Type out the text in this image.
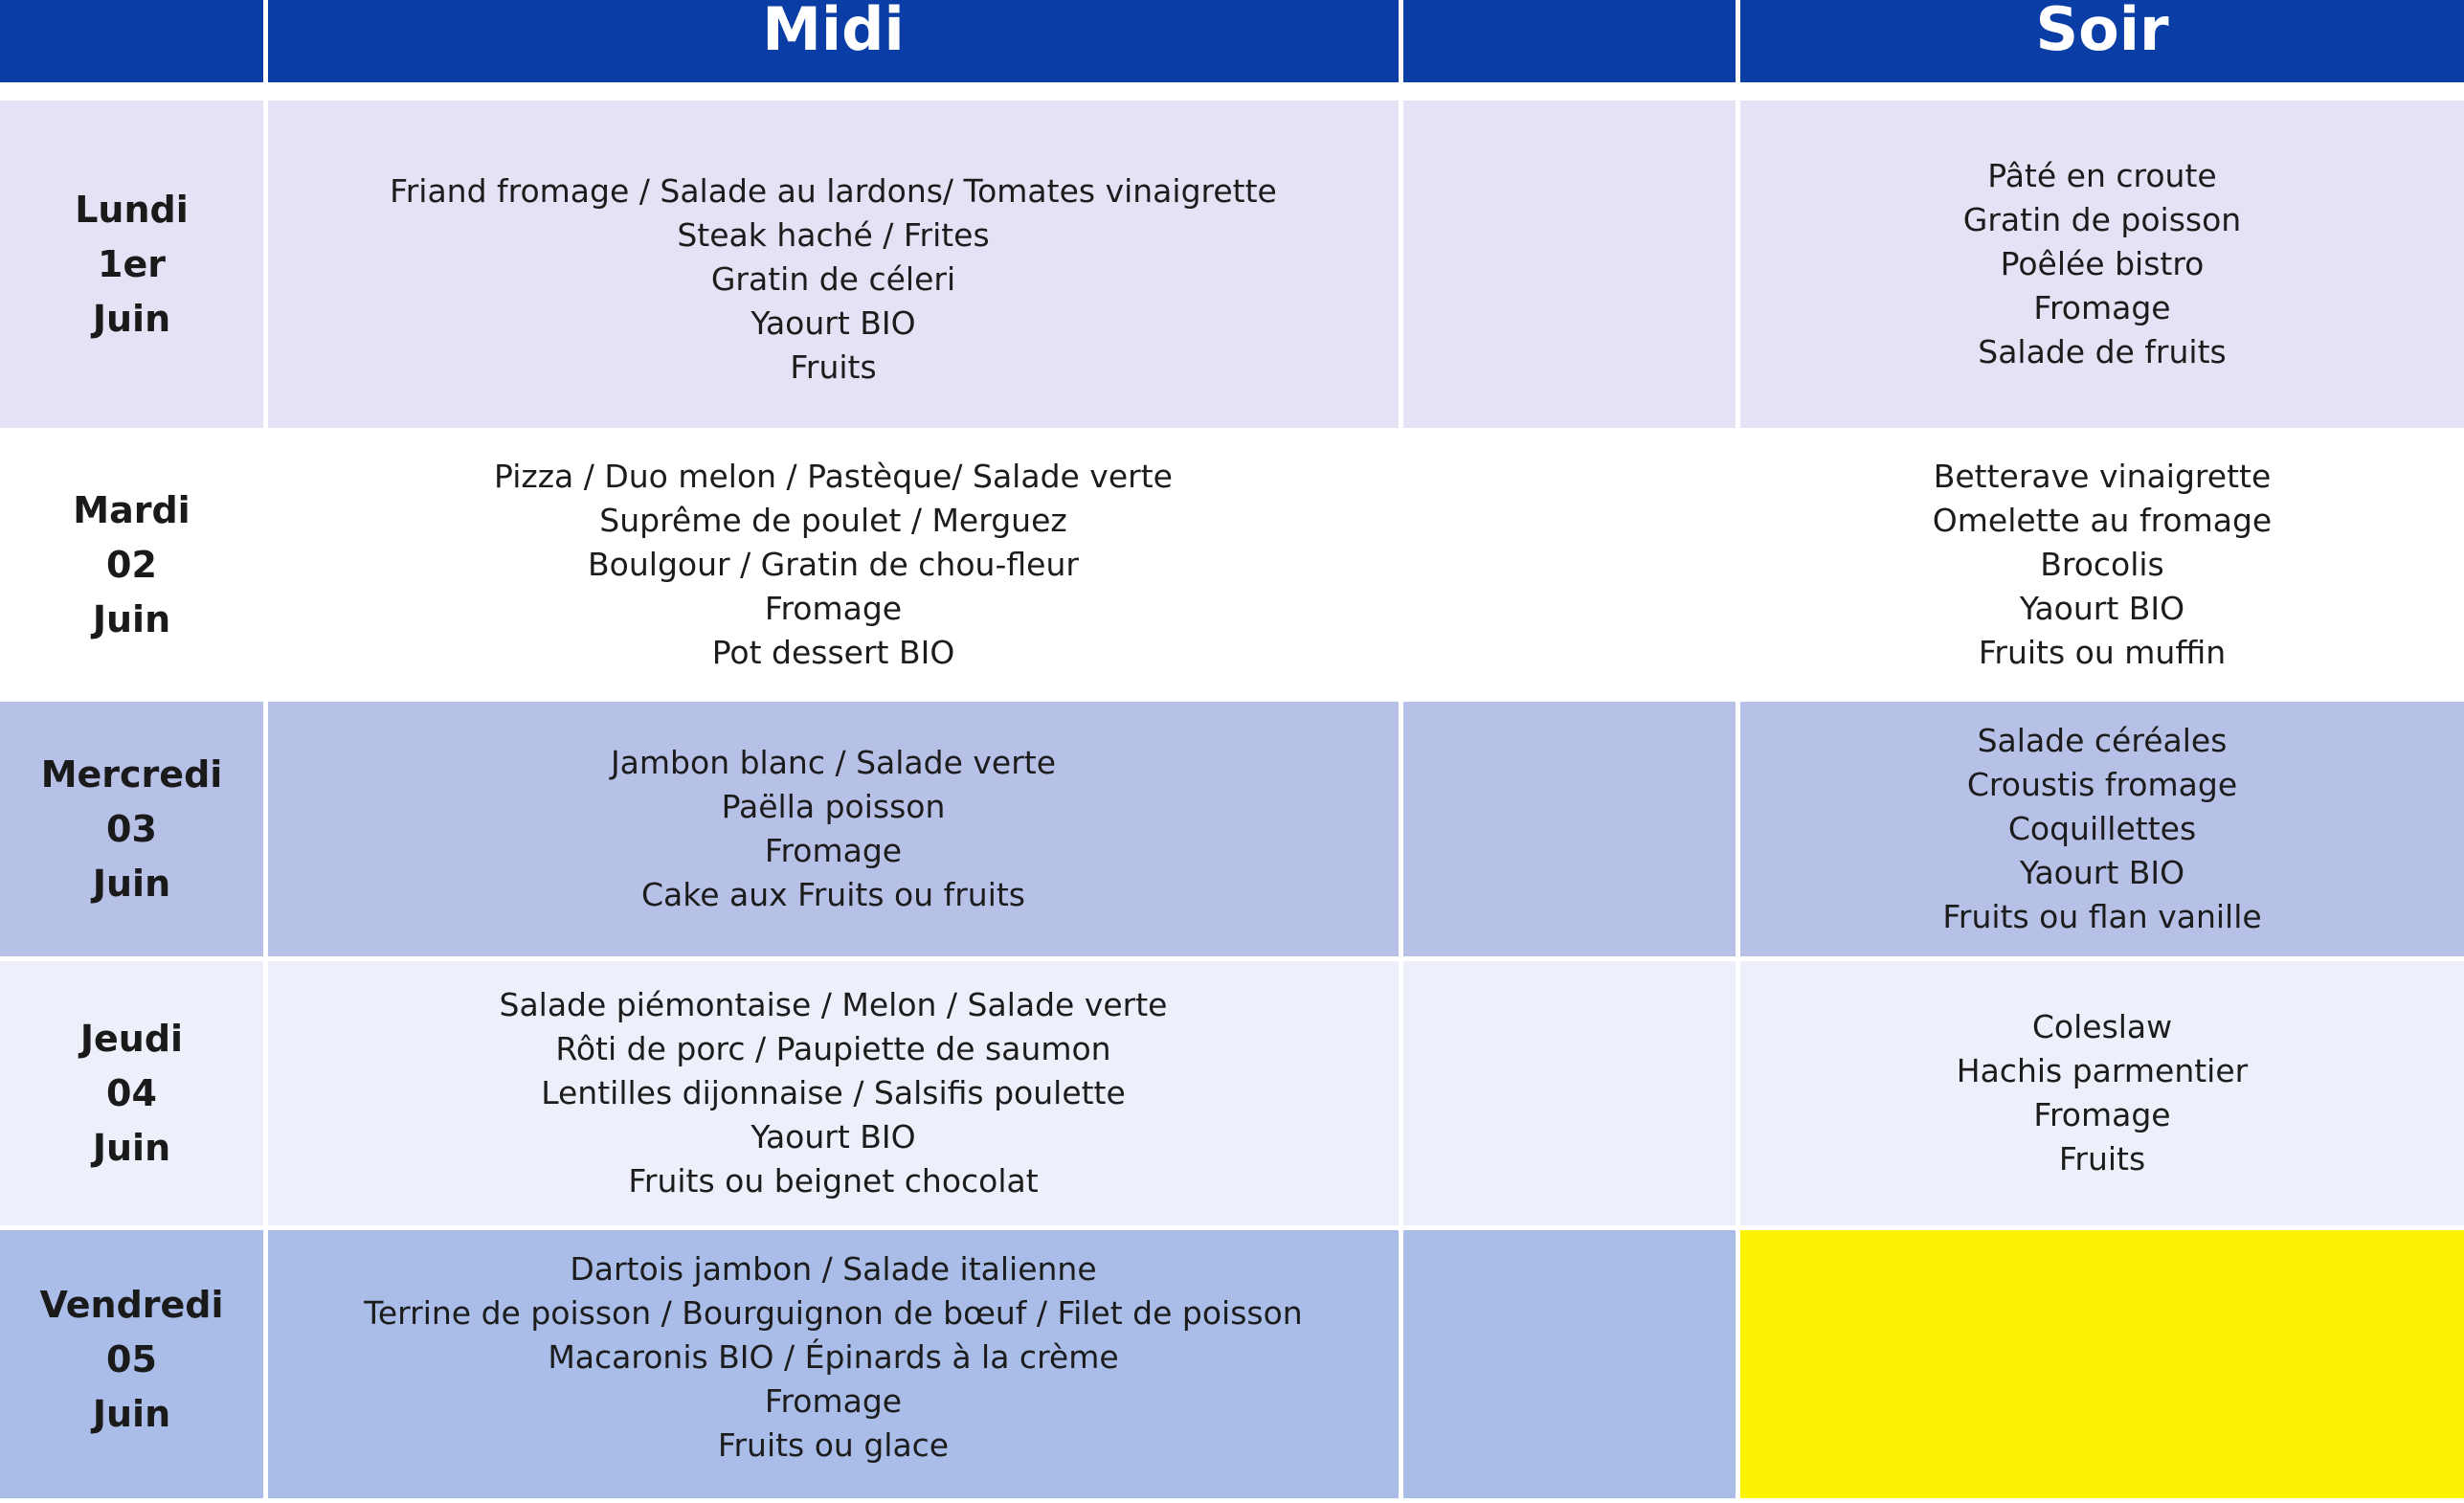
	Midi		Soir

Lundi
1er
Juin	Friand fromage / Salade au lardons/ Tomates vinaigrette
Steak haché / Frites
Gratin de céleri
Yaourt BIO
Fruits		Pâté en croute
Gratin de poisson
Poêlée bistro
Fromage
Salade de fruits

Mardi
02
Juin	Pizza / Duo melon / Pastèque/ Salade verte
Suprême de poulet / Merguez
Boulgour / Gratin de chou-fleur
Fromage
Pot dessert BIO		Betterave vinaigrette
Omelette au fromage
Brocolis
Yaourt BIO
Fruits ou muffin

Mercredi
03
Juin	Jambon blanc / Salade verte
Paëlla poisson
Fromage
Cake aux Fruits ou fruits		Salade céréales
Croustis fromage
Coquillettes
Yaourt BIO
Fruits ou flan vanille

Jeudi
04
Juin	Salade piémontaise / Melon / Salade verte
Rôti de porc / Paupiette de saumon
Lentilles dijonnaise / Salsifis poulette
Yaourt BIO
Fruits ou beignet chocolat		Coleslaw
Hachis parmentier
Fromage
Fruits

Vendredi
05
Juin	Dartois jambon / Salade italienne
Terrine de poisson / Bourguignon de bœuf / Filet de poisson
Macaronis BIO / Épinards à la crème
Fromage
Fruits ou glace		
